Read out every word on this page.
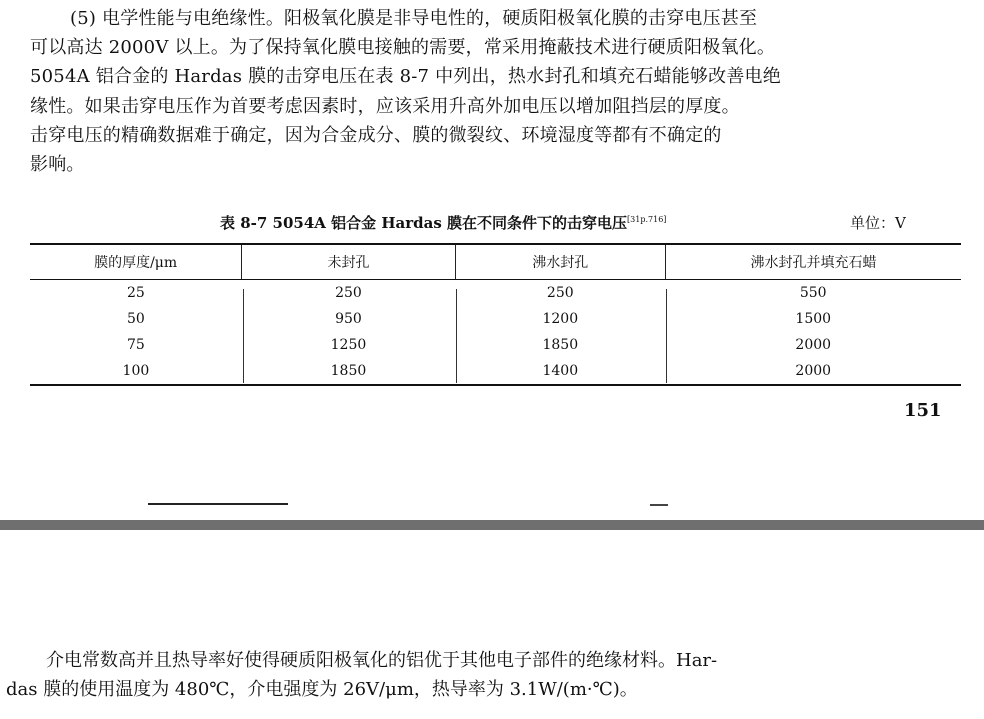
(5) 电学性能与电绝缘性。阳极氧化膜是非导电性的，硬质阳极氧化膜的击穿电压甚至
可以高达 2000V 以上。为了保持氧化膜电接触的需要，常采用掩蔽技术进行硬质阳极氧化。
5054A 铝合金的 Hardas 膜的击穿电压在表 8-7 中列出，热水封孔和填充石蜡能够改善电绝
缘性。如果击穿电压作为首要考虑因素时，应该采用升高外加电压以增加阻挡层的厚度。
击穿电压的精确数据难于确定，因为合金成分、膜的微裂纹、环境湿度等都有不确定的
影响。

表 8-7 5054A 铝合金 Hardas 膜在不同条件下的击穿电压[31p.716]	单位：V
膜的厚度/μm	未封孔	沸水封孔	沸水封孔并填充石蜡
25	250	250	550
50	950	1200	1500
75	1250	1850	2000
100	1850	1400	2000
151

介电常数高并且热导率好使得硬质阳极氧化的铝优于其他电子部件的绝缘材料。Har-
das 膜的使用温度为 480℃，介电强度为 26V/μm，热导率为 3.1W/(m·℃)。
